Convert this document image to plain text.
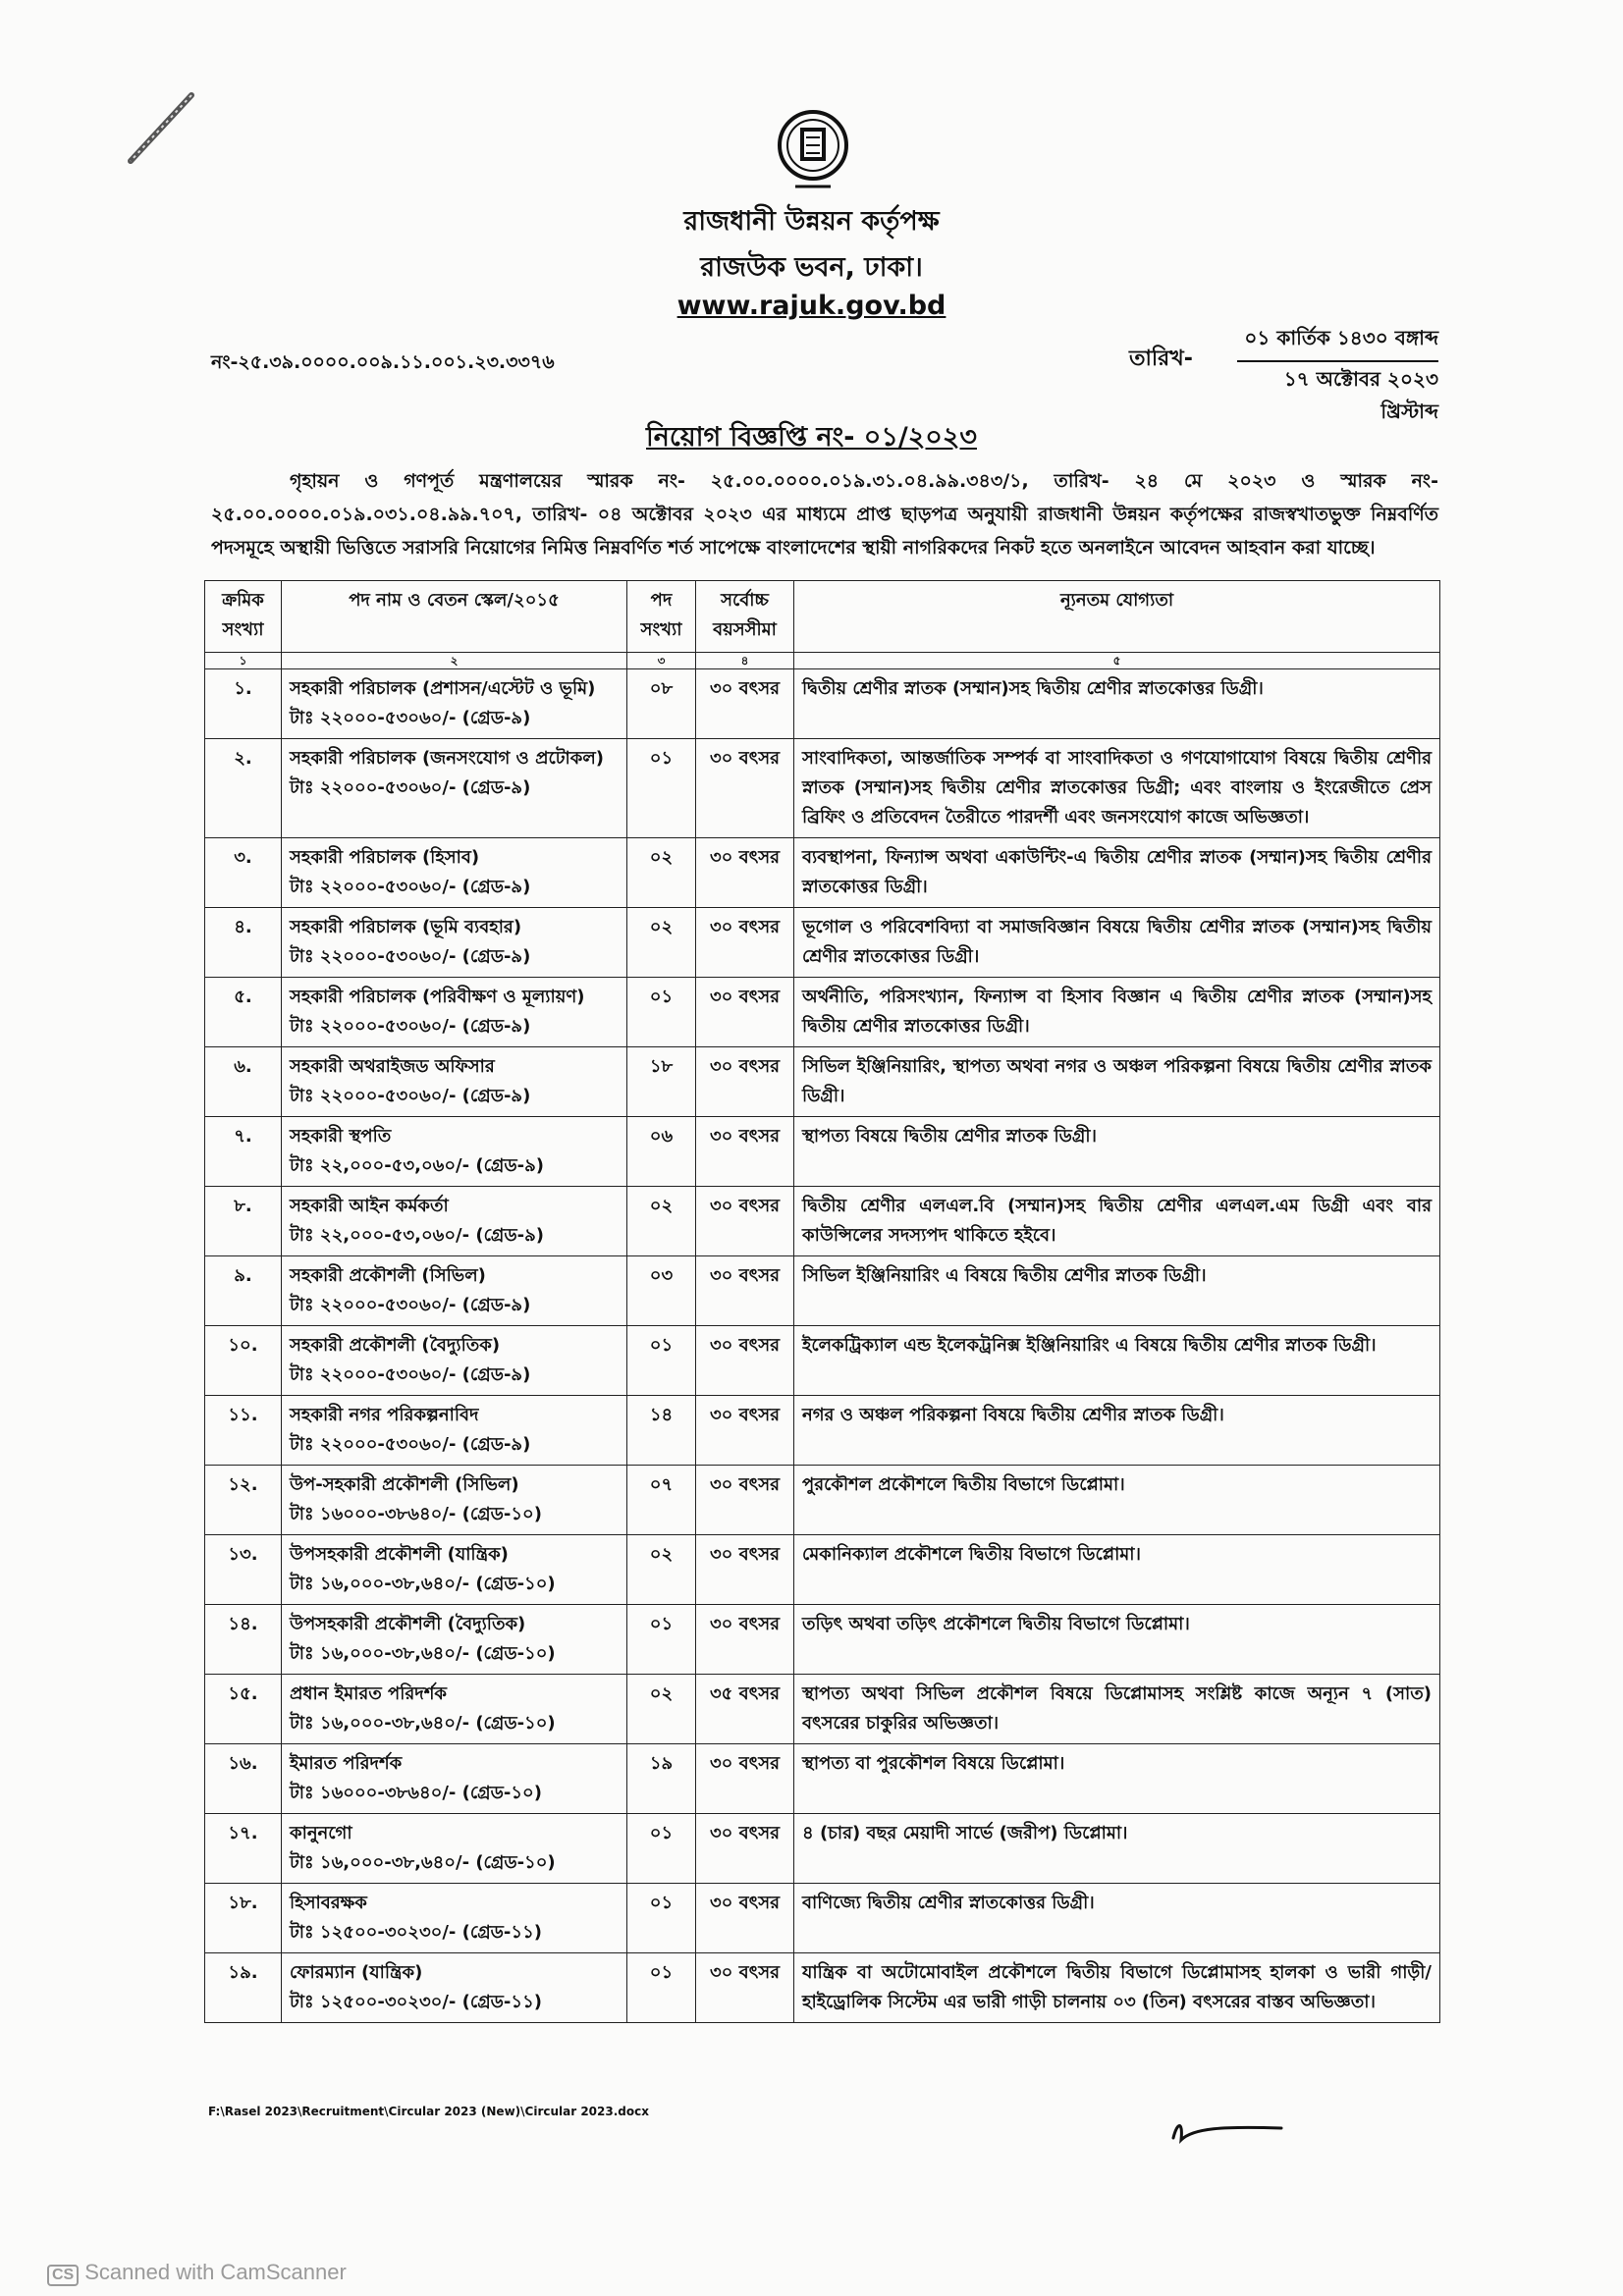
রাজধানী উন্নয়ন কর্তৃপক্ষ
রাজউক ভবন, ঢাকা।
www.rajuk.gov.bd
নং-২৫.৩৯.০০০০.০০৯.১১.০০১.২৩.৩৩৭৬	তারিখ-
০১ কার্তিক ১৪৩০ বঙ্গাব্দ
১৭ অক্টোবর ২০২৩ খ্রিস্টাব্দ
নিয়োগ বিজ্ঞপ্তি নং- ০১/২০২৩
গৃহায়ন ও গণপূর্ত মন্ত্রণালয়ের স্মারক নং- ২৫.০০.০০০০.০১৯.৩১.০৪.৯৯.৩৪৩/১, তারিখ- ২৪ মে ২০২৩ ও স্মারক নং- ২৫.০০.০০০০.০১৯.০৩১.০৪.৯৯.৭০৭, তারিখ- ০৪ অক্টোবর ২০২৩ এর মাধ্যমে প্রাপ্ত ছাড়পত্র অনুযায়ী রাজধানী উন্নয়ন কর্তৃপক্ষের রাজস্বখাতভুক্ত নিম্নবর্ণিত পদসমূহে অস্থায়ী ভিত্তিতে সরাসরি নিয়োগের নিমিত্ত নিম্নবর্ণিত শর্ত সাপেক্ষে বাংলাদেশের স্থায়ী নাগরিকদের নিকট হতে অনলাইনে আবেদন আহবান করা যাচ্ছে।
ক্রমিক সংখ্যা	পদ নাম ও বেতন স্কেল/২০১৫	পদ সংখ্যা	সর্বোচ্চ বয়সসীমা	ন্যূনতম যোগ্যতা
১	২	৩	৪	৫
১.	সহকারী পরিচালক (প্রশাসন/এস্টেট ও ভূমি)
টাঃ ২২০০০-৫৩০৬০/- (গ্রেড-৯)	০৮	৩০ বৎসর	দ্বিতীয় শ্রেণীর স্নাতক (সম্মান)সহ দ্বিতীয় শ্রেণীর স্নাতকোত্তর ডিগ্রী।
২.	সহকারী পরিচালক (জনসংযোগ ও প্রটোকল)
টাঃ ২২০০০-৫৩০৬০/- (গ্রেড-৯)	০১	৩০ বৎসর	সাংবাদিকতা, আন্তর্জাতিক সম্পর্ক বা সাংবাদিকতা ও গণযোগাযোগ বিষয়ে দ্বিতীয় শ্রেণীর স্নাতক (সম্মান)সহ দ্বিতীয় শ্রেণীর স্নাতকোত্তর ডিগ্রী; এবং বাংলায় ও ইংরেজীতে প্রেস ব্রিফিং ও প্রতিবেদন তৈরীতে পারদর্শী এবং জনসংযোগ কাজে অভিজ্ঞতা।
৩.	সহকারী পরিচালক (হিসাব)
টাঃ ২২০০০-৫৩০৬০/- (গ্রেড-৯)	০২	৩০ বৎসর	ব্যবস্থাপনা, ফিন্যান্স অথবা একাউন্টিং-এ দ্বিতীয় শ্রেণীর স্নাতক (সম্মান)সহ দ্বিতীয় শ্রেণীর স্নাতকোত্তর ডিগ্রী।
৪.	সহকারী পরিচালক (ভূমি ব্যবহার)
টাঃ ২২০০০-৫৩০৬০/- (গ্রেড-৯)	০২	৩০ বৎসর	ভূগোল ও পরিবেশবিদ্যা বা সমাজবিজ্ঞান বিষয়ে দ্বিতীয় শ্রেণীর স্নাতক (সম্মান)সহ দ্বিতীয় শ্রেণীর স্নাতকোত্তর ডিগ্রী।
৫.	সহকারী পরিচালক (পরিবীক্ষণ ও মূল্যায়ণ)
টাঃ ২২০০০-৫৩০৬০/- (গ্রেড-৯)	০১	৩০ বৎসর	অর্থনীতি, পরিসংখ্যান, ফিন্যান্স বা হিসাব বিজ্ঞান এ দ্বিতীয় শ্রেণীর স্নাতক (সম্মান)সহ দ্বিতীয় শ্রেণীর স্নাতকোত্তর ডিগ্রী।
৬.	সহকারী অথরাইজড অফিসার
টাঃ ২২০০০-৫৩০৬০/- (গ্রেড-৯)	১৮	৩০ বৎসর	সিভিল ইঞ্জিনিয়ারিং, স্থাপত্য অথবা নগর ও অঞ্চল পরিকল্পনা বিষয়ে দ্বিতীয় শ্রেণীর স্নাতক ডিগ্রী।
৭.	সহকারী স্থপতি
টাঃ ২২,০০০-৫৩,০৬০/- (গ্রেড-৯)	০৬	৩০ বৎসর	স্থাপত্য বিষয়ে দ্বিতীয় শ্রেণীর স্নাতক ডিগ্রী।
৮.	সহকারী আইন কর্মকর্তা
টাঃ ২২,০০০-৫৩,০৬০/- (গ্রেড-৯)	০২	৩০ বৎসর	দ্বিতীয় শ্রেণীর এলএল.বি (সম্মান)সহ দ্বিতীয় শ্রেণীর এলএল.এম ডিগ্রী এবং বার কাউন্সিলের সদস্যপদ থাকিতে হইবে।
৯.	সহকারী প্রকৌশলী (সিভিল)
টাঃ ২২০০০-৫৩০৬০/- (গ্রেড-৯)	০৩	৩০ বৎসর	সিভিল ইঞ্জিনিয়ারিং এ বিষয়ে দ্বিতীয় শ্রেণীর স্নাতক ডিগ্রী।
১০.	সহকারী প্রকৌশলী (বৈদ্যুতিক)
টাঃ ২২০০০-৫৩০৬০/- (গ্রেড-৯)	০১	৩০ বৎসর	ইলেকট্রিক্যাল এন্ড ইলেকট্রনিক্স ইঞ্জিনিয়ারিং এ বিষয়ে দ্বিতীয় শ্রেণীর স্নাতক ডিগ্রী।
১১.	সহকারী নগর পরিকল্পনাবিদ
টাঃ ২২০০০-৫৩০৬০/- (গ্রেড-৯)	১৪	৩০ বৎসর	নগর ও অঞ্চল পরিকল্পনা বিষয়ে দ্বিতীয় শ্রেণীর স্নাতক ডিগ্রী।
১২.	উপ-সহকারী প্রকৌশলী (সিভিল)
টাঃ ১৬০০০-৩৮৬৪০/- (গ্রেড-১০)	০৭	৩০ বৎসর	পুরকৌশল প্রকৌশলে দ্বিতীয় বিভাগে ডিপ্লোমা।
১৩.	উপসহকারী প্রকৌশলী (যান্ত্রিক)
টাঃ ১৬,০০০-৩৮,৬৪০/- (গ্রেড-১০)	০২	৩০ বৎসর	মেকানিক্যাল প্রকৌশলে দ্বিতীয় বিভাগে ডিপ্লোমা।
১৪.	উপসহকারী প্রকৌশলী (বৈদ্যুতিক)
টাঃ ১৬,০০০-৩৮,৬৪০/- (গ্রেড-১০)	০১	৩০ বৎসর	তড়িৎ অথবা তড়িৎ প্রকৌশলে দ্বিতীয় বিভাগে ডিপ্লোমা।
১৫.	প্রধান ইমারত পরিদর্শক
টাঃ ১৬,০০০-৩৮,৬৪০/- (গ্রেড-১০)	০২	৩৫ বৎসর	স্থাপত্য অথবা সিভিল প্রকৌশল বিষয়ে ডিপ্লোমাসহ সংশ্লিষ্ট কাজে অন্যূন ৭ (সাত) বৎসরের চাকুরির অভিজ্ঞতা।
১৬.	ইমারত পরিদর্শক
টাঃ ১৬০০০-৩৮৬৪০/- (গ্রেড-১০)	১৯	৩০ বৎসর	স্থাপত্য বা পুরকৌশল বিষয়ে ডিপ্লোমা।
১৭.	কানুনগো
টাঃ ১৬,০০০-৩৮,৬৪০/- (গ্রেড-১০)	০১	৩০ বৎসর	৪ (চার) বছর মেয়াদী সার্ভে (জরীপ) ডিপ্লোমা।
১৮.	হিসাবরক্ষক
টাঃ ১২৫০০-৩০২৩০/- (গ্রেড-১১)	০১	৩০ বৎসর	বাণিজ্যে দ্বিতীয় শ্রেণীর স্নাতকোত্তর ডিগ্রী।
১৯.	ফোরম্যান (যান্ত্রিক)
টাঃ ১২৫০০-৩০২৩০/- (গ্রেড-১১)	০১	৩০ বৎসর	যান্ত্রিক বা অটোমোবাইল প্রকৌশলে দ্বিতীয় বিভাগে ডিপ্লোমাসহ হালকা ও ভারী গাড়ী/ হাইড্রোলিক সিস্টেম এর ভারী গাড়ী চালনায় ০৩ (তিন) বৎসরের বাস্তব অভিজ্ঞতা।
F:\Rasel 2023\Recruitment\Circular 2023 (New)\Circular 2023.docx
CS Scanned with CamScanner
